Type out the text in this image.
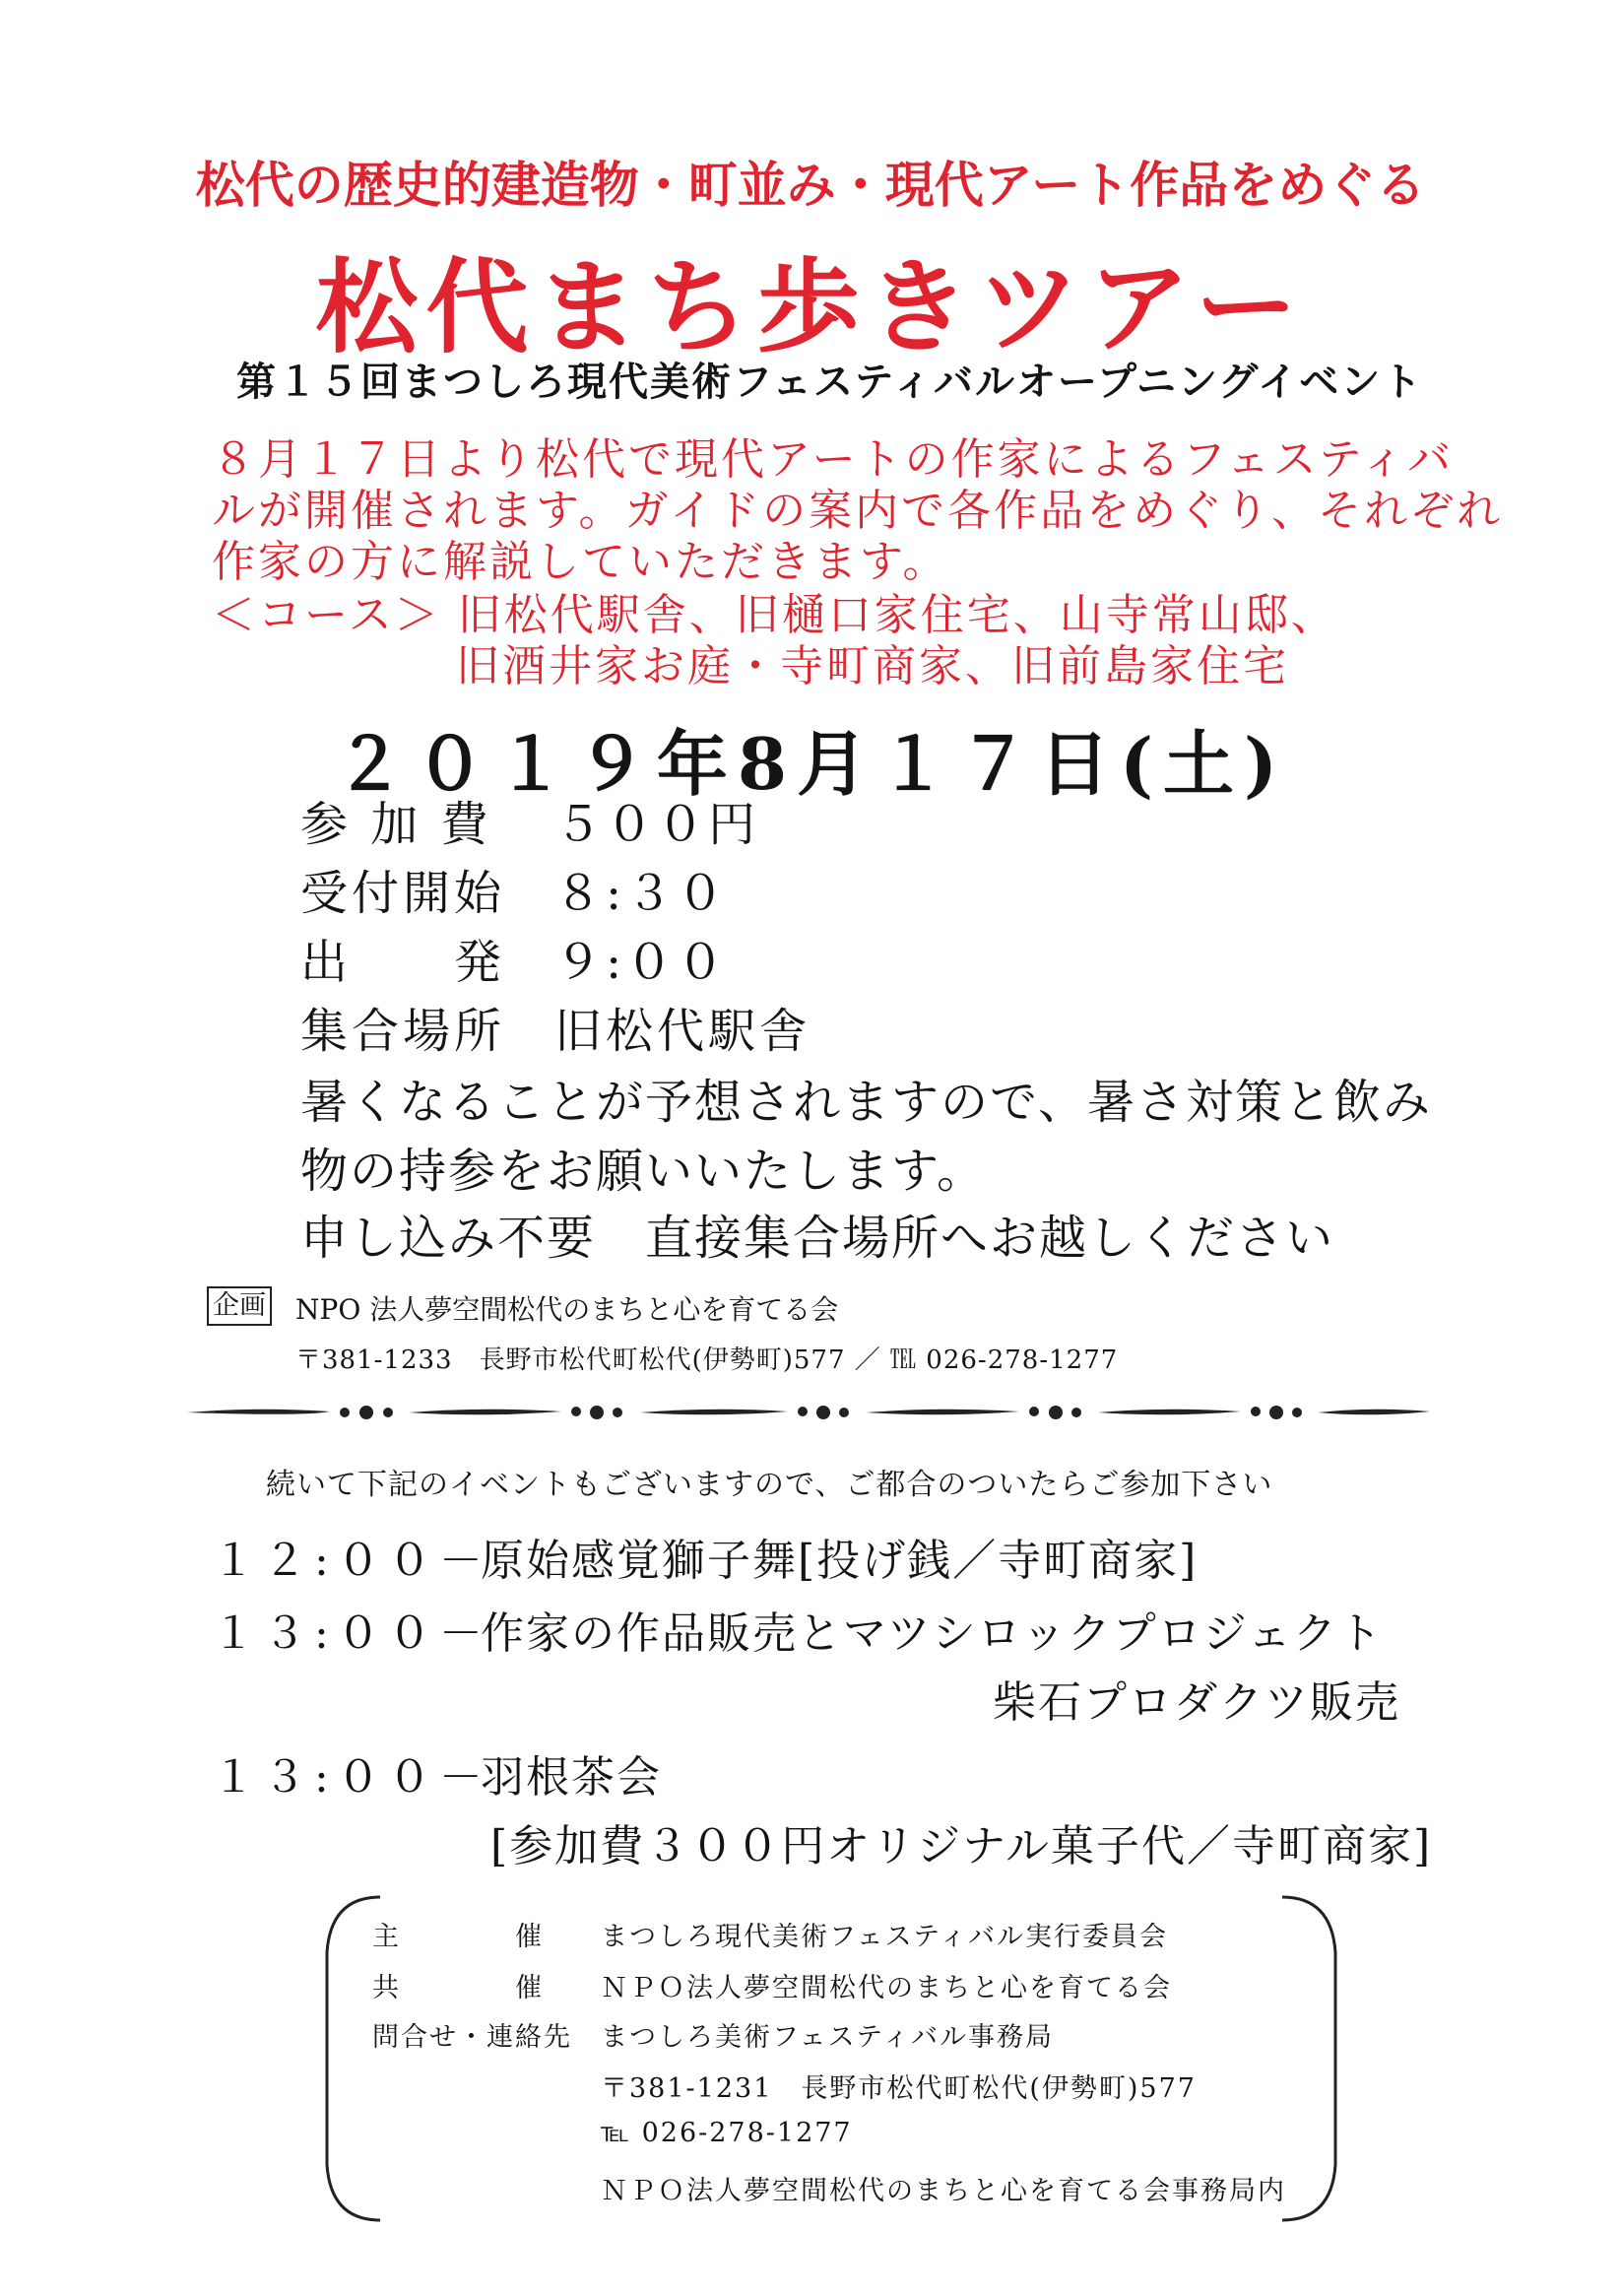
松代の歴史的建造物・町並み・現代アート作品をめぐる
松代まち歩きツアー
第１５回まつしろ現代美術フェスティバルオープニングイベント
８月１７日より松代で現代アートの作家によるフェスティバ
ルが開催されます。ガイドの案内で各作品をめぐり、それぞれ
作家の方に解説していただきます。
＜コース＞ 旧松代駅舎、旧樋口家住宅、山寺常山邸、
旧酒井家お庭・寺町商家、旧前島家住宅
２０１９年8月１７日(土)
参 加 費 ５００円
受付開始 ８:３０
出　　発 ９:００
集合場所 旧松代駅舎
暑くなることが予想されますので、暑さ対策と飲み
物の持参をお願いいたします。
申し込み不要　直接集合場所へお越しください
企画 NPO 法人夢空間松代のまちと心を育てる会
〒381-1233　長野市松代町松代(伊勢町)577 ／ ℡ 026-278-1277
続いて下記のイベントもございますので、ご都合のついたらご参加下さい
１２:００－
原始感覚獅子舞[投げ銭／寺町商家]
１３:００－
作家の作品販売とマツシロックプロジェクト
柴石プロダクツ販売
１３:００－
羽根茶会
[参加費３００円オリジナル菓子代／寺町商家]
主　　　　催 まつしろ現代美術フェスティバル実行委員会
共　　　　催 ＮＰＯ法人夢空間松代のまちと心を育てる会
問合せ・連絡先 まつしろ美術フェスティバル事務局
〒381-1231　長野市松代町松代(伊勢町)577
℡ 026-278-1277
ＮＰＯ法人夢空間松代のまちと心を育てる会事務局内
